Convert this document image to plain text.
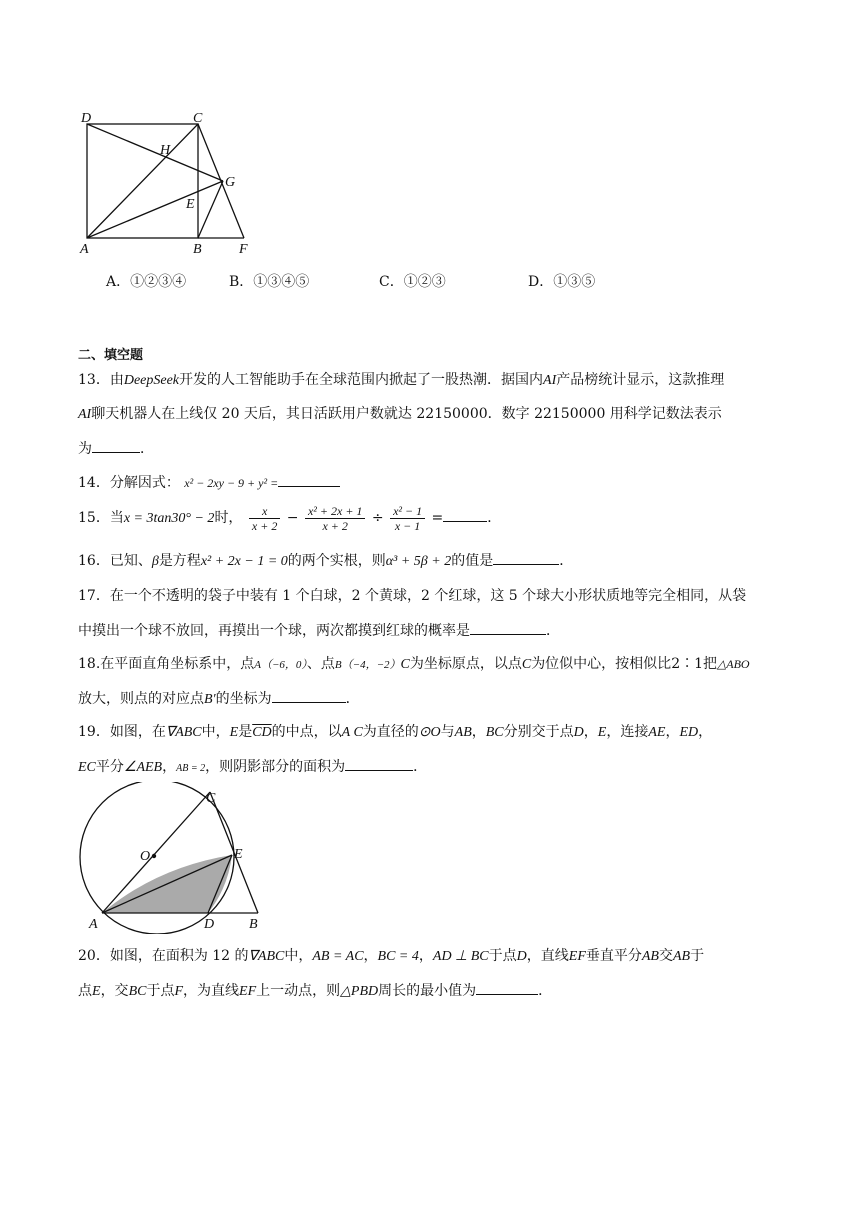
D	C
H
G
E
A	B	F
A．①②③④	B．①③④⑤	C．①②③	D．①③⑤
二、填空题
13．由DeepSeek开发的人工智能助手在全球范围内掀起了一股热潮．据国内AI产品榜统计显示，这款推理
AI聊天机器人在上线仅 20 天后，其日活跃用户数就达 22150000．数字 22150000 用科学记数法表示
为	．
14．分解因式： x² − 2xy − 9 + y² =
15．当x = 3tan30° − 2时， $\frac{x}{x + 2} - \frac{\text{x² + 2x + 1}}{x + 2} \div \frac{\text{x² − 1}}{x - 1}$ =	．
16．已知、β是方程x² + 2x − 1 = 0的两个实根，则α³ + 5β + 2的值是	．
17．在一个不透明的袋子中装有 1 个白球，2 个黄球，2 个红球，这 5 个球大小形状质地等完全相同，从袋
中摸出一个球不放回，再摸出一个球，两次都摸到红球的概率是	．
18.在平面直角坐标系中，点A（−6，0）、点B（−4，−2）C为坐标原点，以点C为位似中心，按相似比2∶1把△ABO
放大，则点的对应点B′的坐标为	．
19．如图，在∇ABC中，E是$\overline{CD}$的中点，以A C为直径的⊙O与AB，BC分别交于点D，E，连接AE，ED，
EC平分∠AEB，AB = 2，则阴影部分的面积为	．
C
O	E
A	D B
20．如图，在面积为 12 的∇ABC中，AB = AC，BC = 4，AD ⊥ BC于点D，直线EF垂直平分AB交AB于
点E，交BC于点F，为直线EF上一动点，则△PBD周长的最小值为	．
